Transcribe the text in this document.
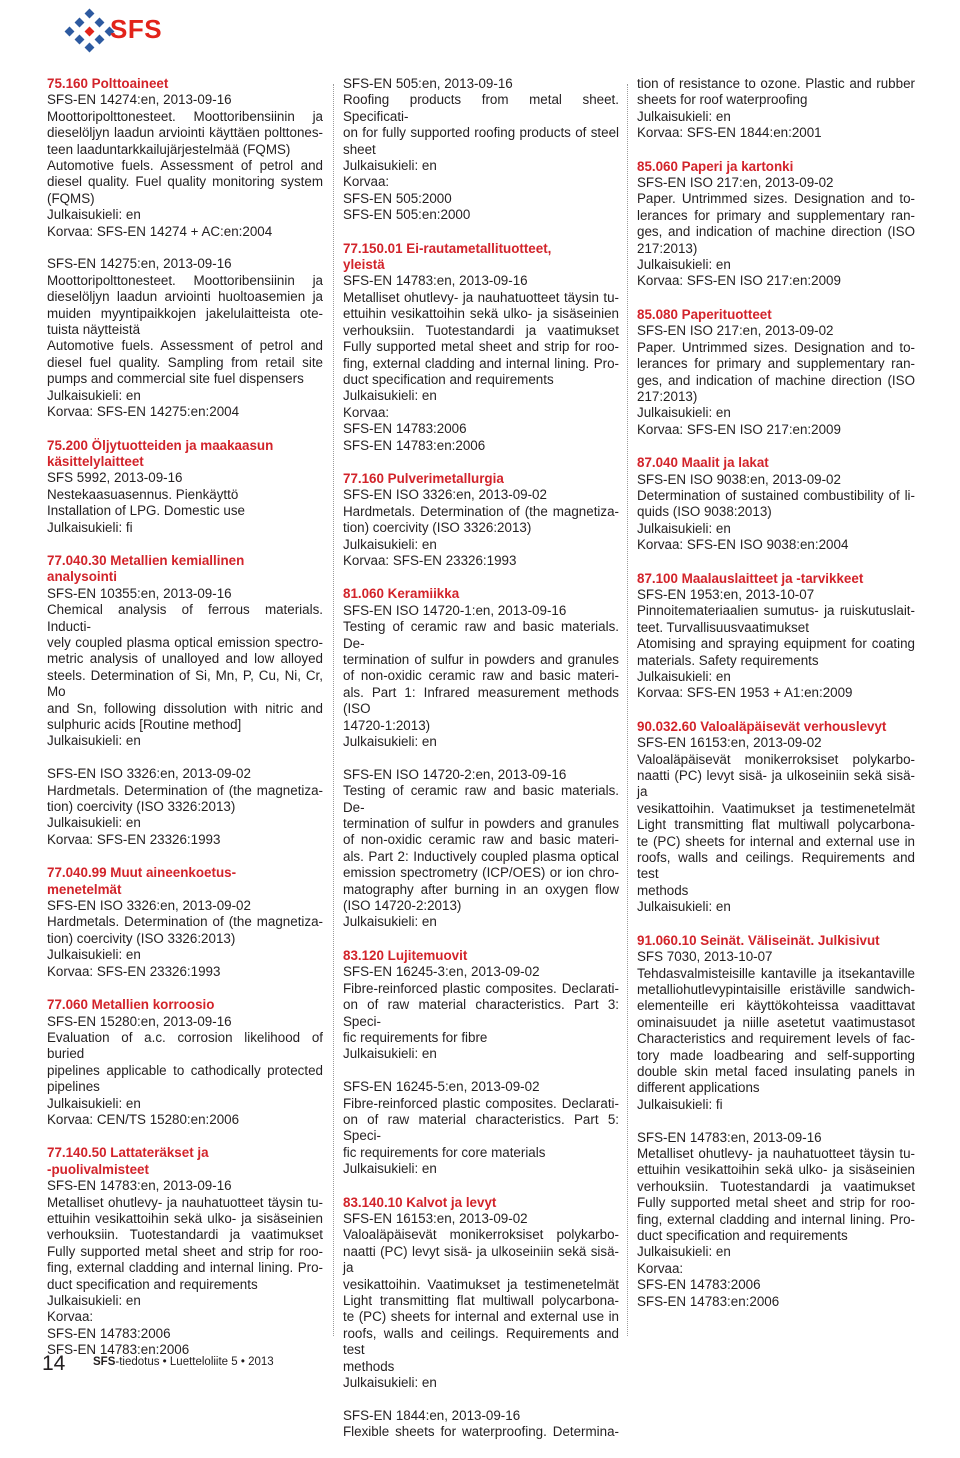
SFS
75.160 Polttoaineet
SFS-EN 14274:en, 2013-09-16
Moottoripolttonesteet. Moottoribensiinin ja
dieselöljyn laadun arviointi käyttäen polttones-
teen laaduntarkkailujärjestelmää (FQMS)
Automotive fuels. Assessment of petrol and
diesel quality. Fuel quality monitoring system
(FQMS)
Julkaisukieli: en
Korvaa: SFS-EN 14274 + AC:en:2004
SFS-EN 14275:en, 2013-09-16
Moottoripolttonesteet. Moottoribensiinin ja
dieselöljyn laadun arviointi huoltoasemien ja
muiden myyntipaikkojen jakelulaitteista ote-
tuista näytteistä
Automotive fuels. Assessment of petrol and
diesel fuel quality. Sampling from retail site
pumps and commercial site fuel dispensers
Julkaisukieli: en
Korvaa: SFS-EN 14275:en:2004
75.200 Öljytuotteiden ja maakaasun
käsittelylaitteet
SFS 5992, 2013-09-16
Nestekaasuasennus. Pienkäyttö
Installation of LPG. Domestic use
Julkaisukieli: fi
77.040.30 Metallien kemiallinen
analysointi
SFS-EN 10355:en, 2013-09-16
Chemical analysis of ferrous materials. Inducti-
vely coupled plasma optical emission spectro-
metric analysis of unalloyed and low alloyed
steels. Determination of Si, Mn, P, Cu, Ni, Cr, Mo
and Sn, following dissolution with nitric and
sulphuric acids [Routine method]
Julkaisukieli: en
SFS-EN ISO 3326:en, 2013-09-02
Hardmetals. Determination of (the magnetiza-
tion) coercivity (ISO 3326:2013)
Julkaisukieli: en
Korvaa: SFS-EN 23326:1993
77.040.99 Muut aineenkoetus-
menetelmät
SFS-EN ISO 3326:en, 2013-09-02
Hardmetals. Determination of (the magnetiza-
tion) coercivity (ISO 3326:2013)
Julkaisukieli: en
Korvaa: SFS-EN 23326:1993
77.060 Metallien korroosio
SFS-EN 15280:en, 2013-09-16
Evaluation of a.c. corrosion likelihood of buried
pipelines applicable to cathodically protected
pipelines
Julkaisukieli: en
Korvaa: CEN/TS 15280:en:2006
77.140.50 Lattateräkset ja
-puolivalmisteet
SFS-EN 14783:en, 2013-09-16
Metalliset ohutlevy- ja nauhatuotteet täysin tu-
ettuihin vesikattoihin sekä ulko- ja sisäseinien
verhouksiin. Tuotestandardi ja vaatimukset
Fully supported metal sheet and strip for roo-
fing, external cladding and internal lining. Pro-
duct specification and requirements
Julkaisukieli: en
Korvaa:
SFS-EN 14783:2006
SFS-EN 14783:en:2006
SFS-EN 505:en, 2013-09-16
Roofing products from metal sheet. Specificati-
on for fully supported roofing products of steel
sheet
Julkaisukieli: en
Korvaa:
SFS-EN 505:2000
SFS-EN 505:en:2000
77.150.01 Ei-rautametallituotteet,
yleistä
SFS-EN 14783:en, 2013-09-16
Metalliset ohutlevy- ja nauhatuotteet täysin tu-
ettuihin vesikattoihin sekä ulko- ja sisäseinien
verhouksiin. Tuotestandardi ja vaatimukset
Fully supported metal sheet and strip for roo-
fing, external cladding and internal lining. Pro-
duct specification and requirements
Julkaisukieli: en
Korvaa:
SFS-EN 14783:2006
SFS-EN 14783:en:2006
77.160 Pulverimetallurgia
SFS-EN ISO 3326:en, 2013-09-02
Hardmetals. Determination of (the magnetiza-
tion) coercivity (ISO 3326:2013)
Julkaisukieli: en
Korvaa: SFS-EN 23326:1993
81.060 Keramiikka
SFS-EN ISO 14720-1:en, 2013-09-16
Testing of ceramic raw and basic materials. De-
termination of sulfur in powders and granules
of non-oxidic ceramic raw and basic materi-
als. Part 1: Infrared measurement methods (ISO
14720-1:2013)
Julkaisukieli: en
SFS-EN ISO 14720-2:en, 2013-09-16
Testing of ceramic raw and basic materials. De-
termination of sulfur in powders and granules
of non-oxidic ceramic raw and basic materi-
als. Part 2: Inductively coupled plasma optical
emission spectrometry (ICP/OES) or ion chro-
matography after burning in an oxygen flow
(ISO 14720-2:2013)
Julkaisukieli: en
83.120 Lujitemuovit
SFS-EN 16245-3:en, 2013-09-02
Fibre-reinforced plastic composites. Declarati-
on of raw material characteristics. Part 3: Speci-
fic requirements for fibre
Julkaisukieli: en
SFS-EN 16245-5:en, 2013-09-02
Fibre-reinforced plastic composites. Declarati-
on of raw material characteristics. Part 5: Speci-
fic requirements for core materials
Julkaisukieli: en
83.140.10 Kalvot ja levyt
SFS-EN 16153:en, 2013-09-02
Valoaläpäisevät monikerroksiset polykarbo-
naatti (PC) levyt sisä- ja ulkoseiniin sekä sisä- ja
vesikattoihin. Vaatimukset ja testimenetelmät
Light transmitting flat multiwall polycarbona-
te (PC) sheets for internal and external use in
roofs, walls and ceilings. Requirements and test
methods
Julkaisukieli: en
SFS-EN 1844:en, 2013-09-16
Flexible sheets for waterproofing. Determina-
tion of resistance to ozone. Plastic and rubber
sheets for roof waterproofing
Julkaisukieli: en
Korvaa: SFS-EN 1844:en:2001
85.060 Paperi ja kartonki
SFS-EN ISO 217:en, 2013-09-02
Paper. Untrimmed sizes. Designation and to-
lerances for primary and supplementary ran-
ges, and indication of machine direction (ISO
217:2013)
Julkaisukieli: en
Korvaa: SFS-EN ISO 217:en:2009
85.080 Paperituotteet
SFS-EN ISO 217:en, 2013-09-02
Paper. Untrimmed sizes. Designation and to-
lerances for primary and supplementary ran-
ges, and indication of machine direction (ISO
217:2013)
Julkaisukieli: en
Korvaa: SFS-EN ISO 217:en:2009
87.040 Maalit ja lakat
SFS-EN ISO 9038:en, 2013-09-02
Determination of sustained combustibility of li-
quids (ISO 9038:2013)
Julkaisukieli: en
Korvaa: SFS-EN ISO 9038:en:2004
87.100 Maalauslaitteet ja -tarvikkeet
SFS-EN 1953:en, 2013-10-07
Pinnoitemateriaalien sumutus- ja ruiskutuslait-
teet. Turvallisuusvaatimukset
Atomising and spraying equipment for coating
materials. Safety requirements
Julkaisukieli: en
Korvaa: SFS-EN 1953 + A1:en:2009
90.032.60 Valoaläpäisevät verhouslevyt
SFS-EN 16153:en, 2013-09-02
Valoaläpäisevät monikerroksiset polykarbo-
naatti (PC) levyt sisä- ja ulkoseiniin sekä sisä- ja
vesikattoihin. Vaatimukset ja testimenetelmät
Light transmitting flat multiwall polycarbona-
te (PC) sheets for internal and external use in
roofs, walls and ceilings. Requirements and test
methods
Julkaisukieli: en
91.060.10 Seinät. Väliseinät. Julkisivut
SFS 7030, 2013-10-07
Tehdasvalmisteisille kantaville ja itsekantaville
metalliohutlevypintaisille eristäville sandwich-
elementeille eri käyttökohteissa vaadittavat
ominaisuudet ja niille asetetut vaatimustasot
Characteristics and requirement levels of fac-
tory made loadbearing and self-supporting
double skin metal faced insulating panels in
different applications
Julkaisukieli: fi
SFS-EN 14783:en, 2013-09-16
Metalliset ohutlevy- ja nauhatuotteet täysin tu-
ettuihin vesikattoihin sekä ulko- ja sisäseinien
verhouksiin. Tuotestandardi ja vaatimukset
Fully supported metal sheet and strip for roo-
fing, external cladding and internal lining. Pro-
duct specification and requirements
Julkaisukieli: en
Korvaa:
SFS-EN 14783:2006
SFS-EN 14783:en:2006
14 SFS-tiedotus • Luetteloliite 5 • 2013
